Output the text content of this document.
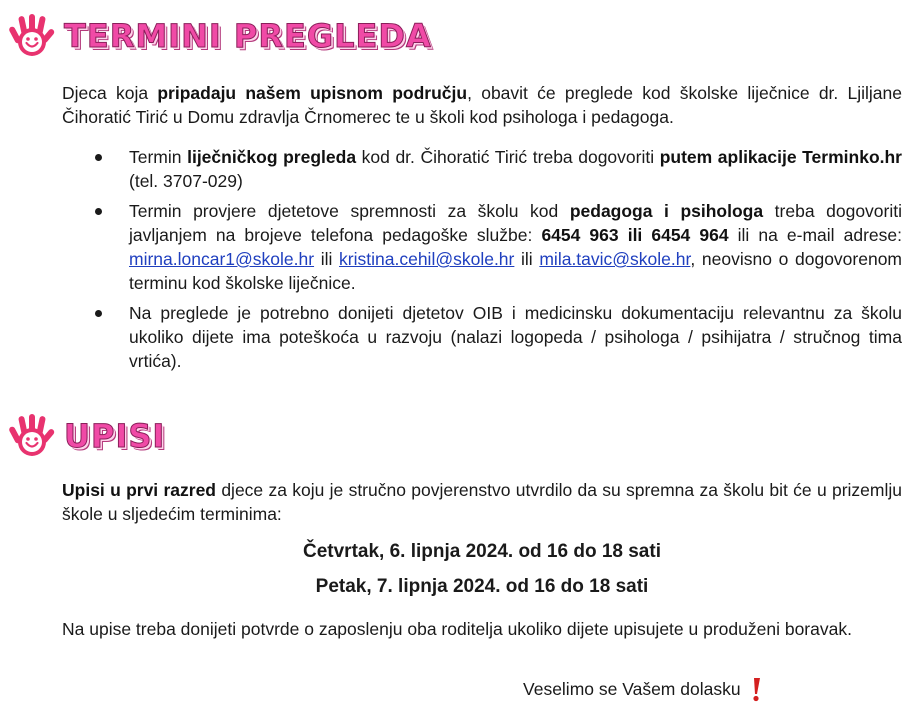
TERMINI PREGLEDA

Djeca koja pripadaju našem upisnom području, obavit će preglede kod školske liječnice dr. Ljiljane Čihoratić Tirić u Domu zdravlja Črnomerec te u školi kod psihologa i pedagoga.

Termin liječničkog pregleda kod dr. Čihoratić Tirić treba dogovoriti putem aplikacije Terminko.hr (tel. 3707-029)
Termin provjere djetetove spremnosti za školu kod pedagoga i psihologa treba dogovoriti javljanjem na brojeve telefona pedagoške službe: 6454 963 ili 6454 964 ili na e-mail adrese: mirna.loncar1@skole.hr ili kristina.cehil@skole.hr ili mila.tavic@skole.hr, neovisno o dogovorenom terminu kod školske liječnice.
Na preglede je potrebno donijeti djetetov OIB i medicinsku dokumentaciju relevantnu za školu ukoliko dijete ima poteškoća u razvoju (nalazi logopeda / psihologa / psihijatra / stručnog tima vrtića).
UPISI

Upisi u prvi razred djece za koju je stručno povjerenstvo utvrdilo da su spremna za školu bit će u prizemlju škole u sljedećim terminima:

Četvrtak, 6. lipnja 2024. od 16 do 18 sati
Petak, 7. lipnja 2024. od 16 do 18 sati

Na upise treba donijeti potvrde o zaposlenju oba roditelja ukoliko dijete upisujete u produženi boravak.

Veselimo se Vašem dolasku
